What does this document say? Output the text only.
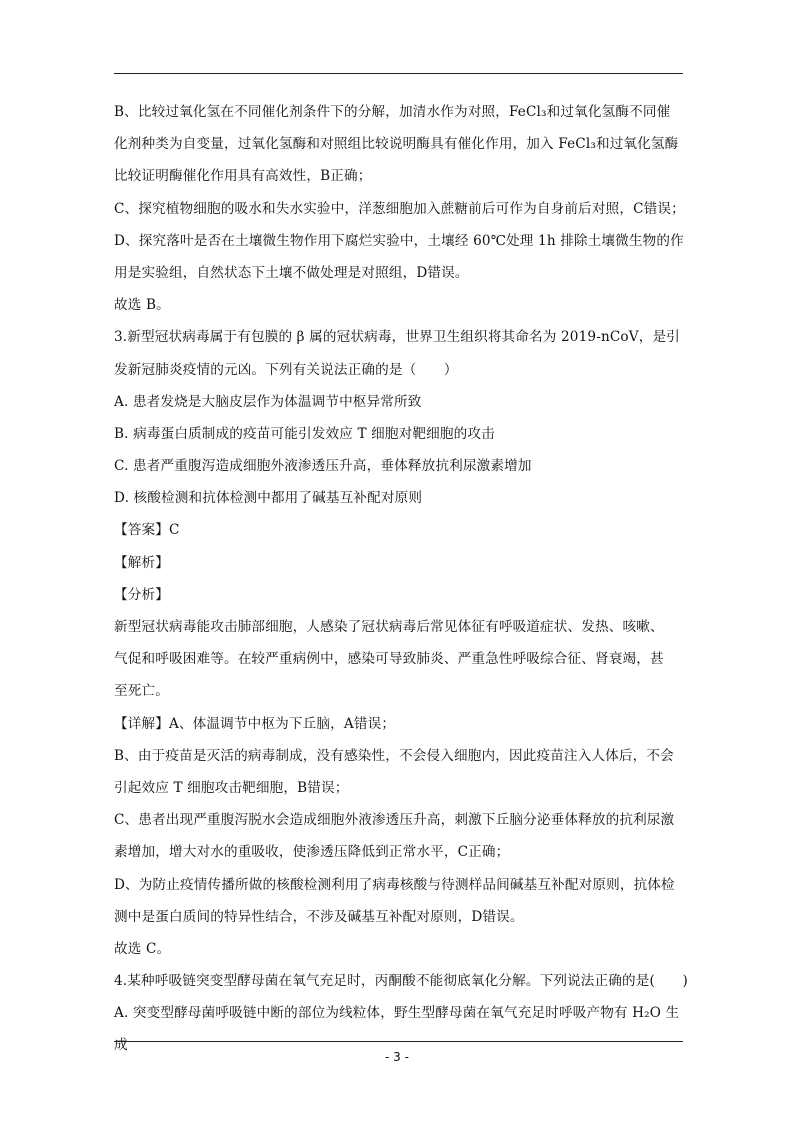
B、比较过氧化氢在不同催化剂条件下的分解，加清水作为对照，FeCl₃和过氧化氢酶不同催
化剂种类为自变量，过氧化氢酶和对照组比较说明酶具有催化作用，加入 FeCl₃和过氧化氢酶
比较证明酶催化作用具有高效性，B正确；
C、探究植物细胞的吸水和失水实验中，洋葱细胞加入蔗糖前后可作为自身前后对照，C错误；
D、探究落叶是否在土壤微生物作用下腐烂实验中，土壤经 60℃处理 1h 排除土壤微生物的作
用是实验组，自然状态下土壤不做处理是对照组，D错误。
故选 B。
3.新型冠状病毒属于有包膜的 β 属的冠状病毒，世界卫生组织将其命名为 2019-nCoV，是引
发新冠肺炎疫情的元凶。下列有关说法正确的是（　　）
A. 患者发烧是大脑皮层作为体温调节中枢异常所致
B. 病毒蛋白质制成的疫苗可能引发效应 T 细胞对靶细胞的攻击
C. 患者严重腹泻造成细胞外液渗透压升高，垂体释放抗利尿激素增加
D. 核酸检测和抗体检测中都用了碱基互补配对原则
【答案】C
【解析】
【分析】
新型冠状病毒能攻击肺部细胞，人感染了冠状病毒后常见体征有呼吸道症状、发热、咳嗽、
气促和呼吸困难等。在较严重病例中，感染可导致肺炎、严重急性呼吸综合征、肾衰竭，甚
至死亡。
【详解】A、体温调节中枢为下丘脑，A错误；
B、由于疫苗是灭活的病毒制成，没有感染性，不会侵入细胞内，因此疫苗注入人体后，不会
引起效应 T 细胞攻击靶细胞，B错误；
C、患者出现严重腹泻脱水会造成细胞外液渗透压升高，刺激下丘脑分泌垂体释放的抗利尿激
素增加，增大对水的重吸收，使渗透压降低到正常水平，C正确；
D、为防止疫情传播所做的核酸检测利用了病毒核酸与待测样品间碱基互补配对原则，抗体检
测中是蛋白质间的特异性结合，不涉及碱基互补配对原则，D错误。
故选 C。
4.某种呼吸链突变型酵母菌在氧气充足时，丙酮酸不能彻底氧化分解。下列说法正确的是(　　)
A. 突变型酵母菌呼吸链中断的部位为线粒体，野生型酵母菌在氧气充足时呼吸产物有 H₂O 生
成
- 3 -
